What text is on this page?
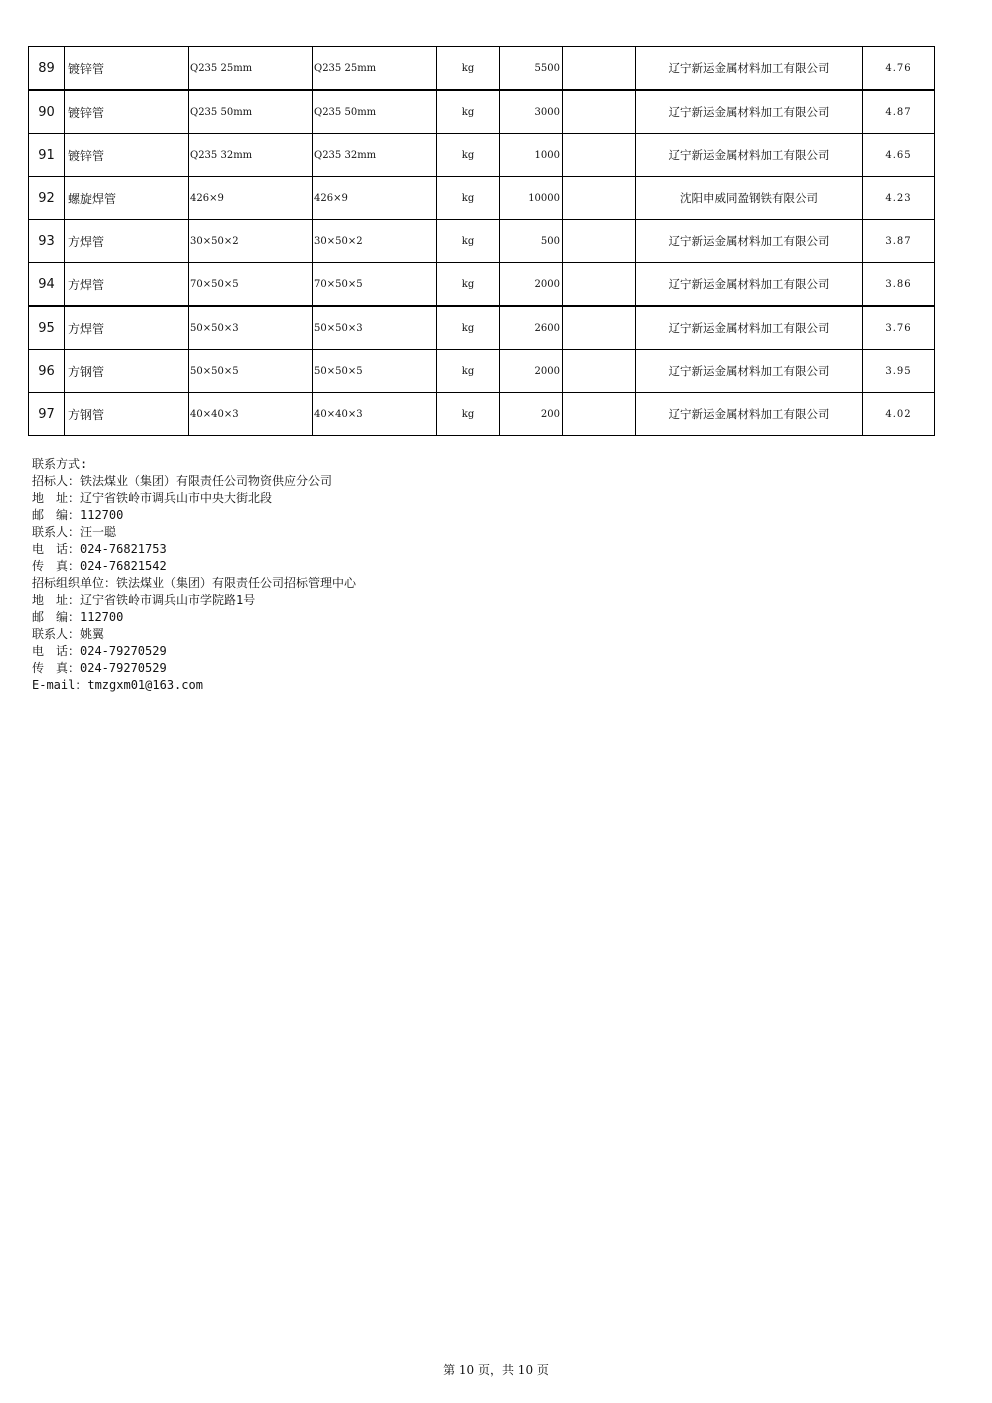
89	镀锌管	Q235 25mm	Q235 25mm	kg	5500		辽宁新运金属材料加工有限公司	4.76
90	镀锌管	Q235 50mm	Q235 50mm	kg	3000		辽宁新运金属材料加工有限公司	4.87
91	镀锌管	Q235 32mm	Q235 32mm	kg	1000		辽宁新运金属材料加工有限公司	4.65
92	螺旋焊管	426×9	426×9	kg	10000		沈阳申威同盈钢铁有限公司	4.23
93	方焊管	30×50×2	30×50×2	kg	500		辽宁新运金属材料加工有限公司	3.87
94	方焊管	70×50×5	70×50×5	kg	2000		辽宁新运金属材料加工有限公司	3.86
95	方焊管	50×50×3	50×50×3	kg	2600		辽宁新运金属材料加工有限公司	3.76
96	方钢管	50×50×5	50×50×5	kg	2000		辽宁新运金属材料加工有限公司	3.95
97	方钢管	40×40×3	40×40×3	kg	200		辽宁新运金属材料加工有限公司	4.02
联系方式:
招标人：铁法煤业（集团）有限责任公司物资供应分公司
地　址：辽宁省铁岭市调兵山市中央大街北段
邮　编：112700
联系人：汪一聪
电　话：024-76821753
传　真：024-76821542
招标组织单位：铁法煤业（集团）有限责任公司招标管理中心
地　址：辽宁省铁岭市调兵山市学院路1号
邮　编：112700
联系人：姚翼
电　话：024-79270529
传　真：024-79270529
E-mail：tmzgxm01@163.com
第 10 页，共 10 页
